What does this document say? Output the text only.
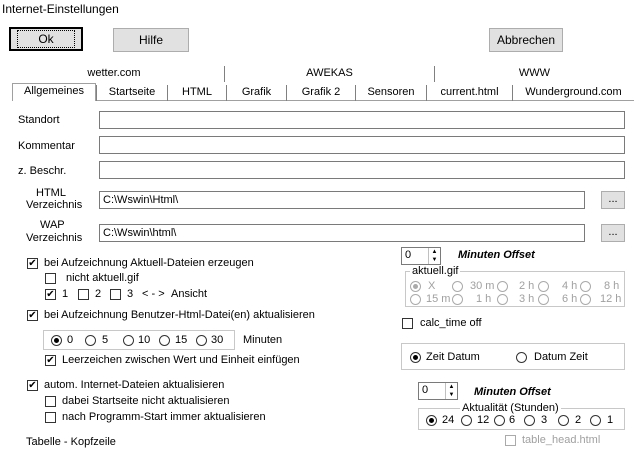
Internet-Einstellungen
Ok	Hilfe	Abbrechen
wetter.com	AWEKAS	WWW
Allgemeines	Startseite	HTML	Grafik	Grafik 2	Sensoren	current.html	Wunderground.com
Standort
Kommentar
z. Beschr.
HTML
Verzeichnis	C:\Wswin\Html\	...
WAP
Verzeichnis	C:\Wswin\html\	...
✔ bei Aufzeichnung Aktuell-Dateien erzeugen
nicht aktuell.gif
✔ 1 2 3 < - > Ansicht
✔ bei Aufzeichnung Benutzer-Html-Datei(en) aktualisieren
0	5	10 15 30 Minuten
✔ Leerzeichen zwischen Wert und Einheit einfügen
✔ autom. Internet-Dateien aktualisieren
dabei Startseite nicht aktualisieren
nach Programm-Start immer aktualisieren
Tabelle - Kopfzeile
0	▲
▼ Minuten Offset
aktuell.gif
X	30 m 2 h	4 h 8 h
15 m 1 h	3 h	6 h 12 h
calc_time off
Zeit Datum	Datum Zeit
0	▲
▼ Minuten Offset
Aktualität (Stunden)
24 12 6 3	2 1
table_head.html
